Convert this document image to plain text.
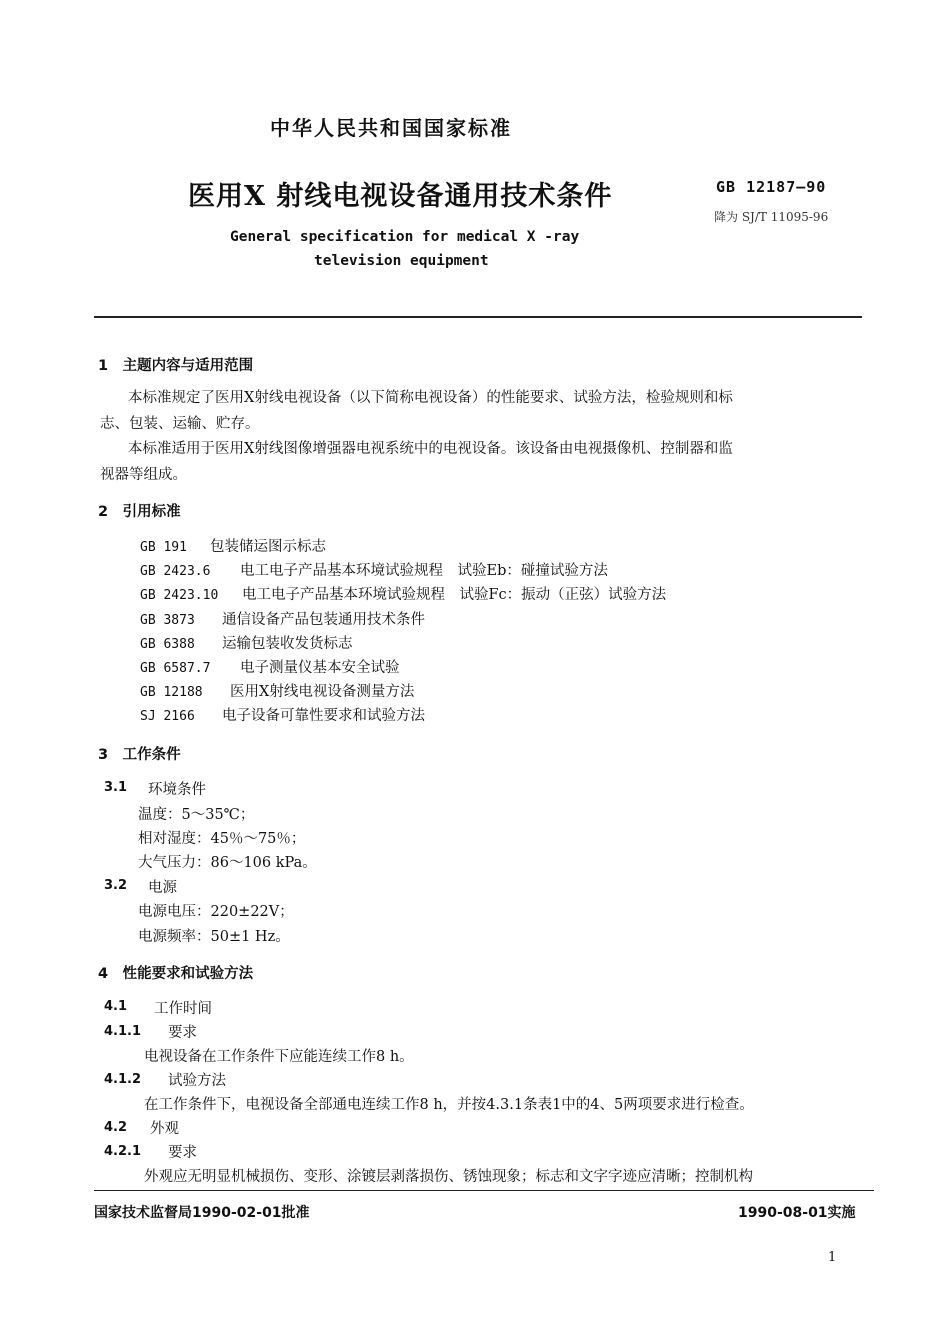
中华人民共和国国家标准
医用X 射线电视设备通用技术条件	GB 12187—90
降为 SJ/T 11095-96
General specification for medical X -ray
television equipment
1　主题内容与适用范围
本标准规定了医用X射线电视设备（以下简称电视设备）的性能要求、试验方法，检验规则和标
志、包装、运输、贮存。
本标准适用于医用X射线图像增强器电视系统中的电视设备。该设备由电视摄像机、控制器和监
视器等组成。
2　引用标准
GB 191 包装储运图示标志
GB 2423.6 电工电子产品基本环境试验规程　试验Eb：碰撞试验方法
GB 2423.10 电工电子产品基本环境试验规程　试验Fc：振动（正弦）试验方法
GB 3873 通信设备产品包装通用技术条件
GB 6388 运输包装收发货标志
GB 6587.7 电子测量仪基本安全试验
GB 12188 医用X射线电视设备测量方法
SJ 2166 电子设备可靠性要求和试验方法
3　工作条件
3.1 环境条件
温度：5～35℃；
相对湿度：45％～75％；
大气压力：86～106 kPa。
3.2 电源
电源电压：220±22V；
电源频率：50±1 Hz。
4　性能要求和试验方法
4.1 工作时间
4.1.1 要求
电视设备在工作条件下应能连续工作8 h。
4.1.2 试验方法
在工作条件下，电视设备全部通电连续工作8 h，并按4.3.1条表1中的4、5两项要求进行检查。
4.2 外观
4.2.1 要求
外观应无明显机械损伤、变形、涂镀层剥落损伤、锈蚀现象；标志和文字字迹应清晰；控制机构
国家技术监督局1990-02-01批准	1990-08-01实施
1
